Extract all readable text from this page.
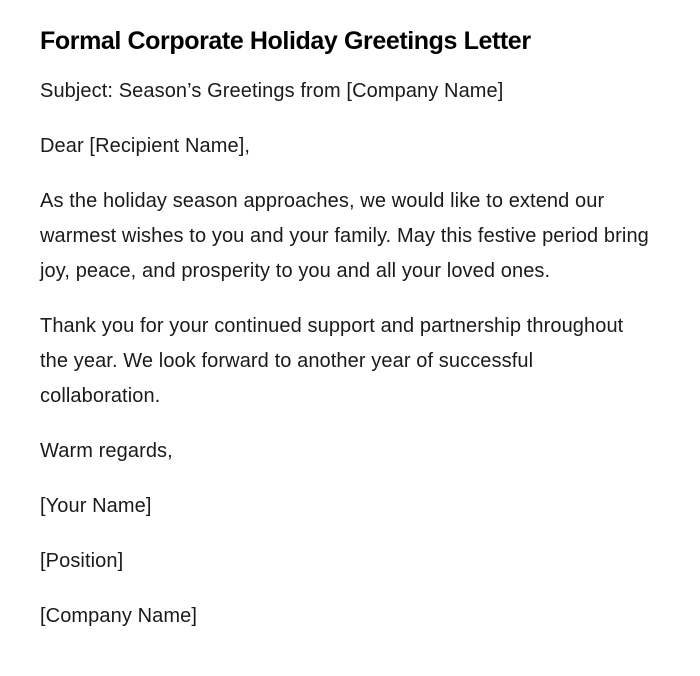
Formal Corporate Holiday Greetings Letter

Subject: Season’s Greetings from [Company Name]

Dear [Recipient Name],

As the holiday season approaches, we would like to extend our warmest wishes to you and your family. May this festive period bring joy, peace, and prosperity to you and all your loved ones.

Thank you for your continued support and partnership throughout the year. We look forward to another year of successful collaboration.

Warm regards,

[Your Name]

[Position]

[Company Name]
